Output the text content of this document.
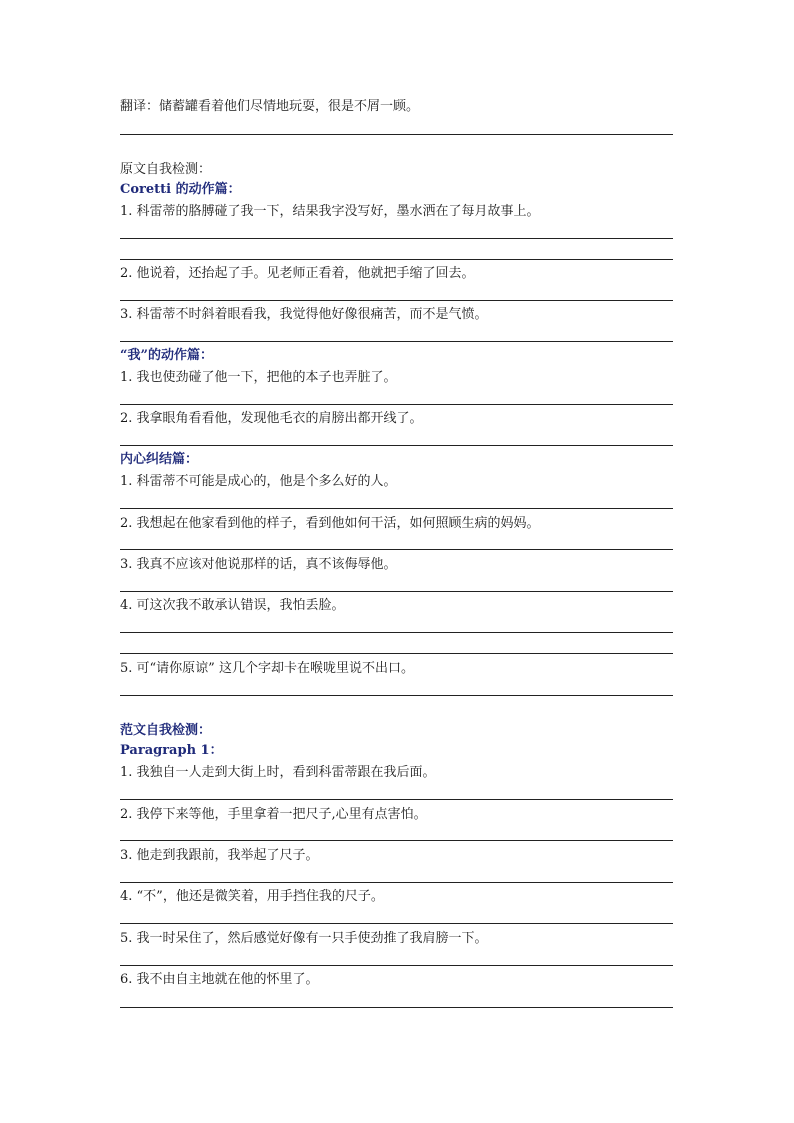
翻译：储蓄罐看着他们尽情地玩耍，很是不屑一顾。
原文自我检测：
Coretti 的动作篇：
1. 科雷蒂的胳膊碰了我一下，结果我字没写好，墨水洒在了每月故事上。
2. 他说着，还抬起了手。见老师正看着，他就把手缩了回去。
3. 科雷蒂不时斜着眼看我，我觉得他好像很痛苦，而不是气愤。
“我”的动作篇：
1. 我也使劲碰了他一下，把他的本子也弄脏了。
2. 我拿眼角看看他，发现他毛衣的肩膀出都开线了。
内心纠结篇：
1. 科雷蒂不可能是成心的，他是个多么好的人。
2. 我想起在他家看到他的样子，看到他如何干活，如何照顾生病的妈妈。
3. 我真不应该对他说那样的话，真不该侮辱他。
4. 可这次我不敢承认错误，我怕丢脸。
5. 可“请你原谅” 这几个字却卡在喉咙里说不出口。
范文自我检测：
Paragraph 1：
1. 我独自一人走到大街上时，看到科雷蒂跟在我后面。
2. 我停下来等他，手里拿着一把尺子,心里有点害怕。
3. 他走到我跟前，我举起了尺子。
4. “不”，他还是微笑着，用手挡住我的尺子。
5. 我一时呆住了，然后感觉好像有一只手使劲推了我肩膀一下。
6. 我不由自主地就在他的怀里了。
